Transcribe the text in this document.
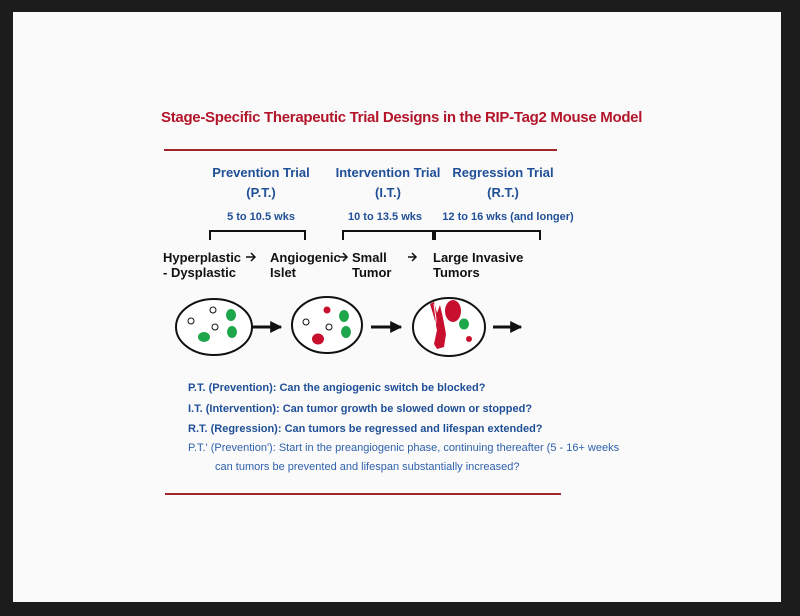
Stage-Specific Therapeutic Trial Designs in the RIP-Tag2 Mouse Model
Prevention Trial
(P.T.)
Intervention Trial
(I.T.)
Regression Trial
(R.T.)
5 to 10.5 wks	10 to 13.5 wks	12 to 16 wks (and longer)
Hyperplastic
- Dysplastic
Angiogenic
Islet
Small
Tumor
Large Invasive
Tumors
P.T. (Prevention): Can the angiogenic switch be blocked?
I.T. (Intervention): Can tumor growth be slowed down or stopped?
R.T. (Regression): Can tumors be regressed and lifespan extended?
P.T.' (Prevention'): Start in the preangiogenic phase, continuing thereafter (5 - 16+ weeks
can tumors be prevented and lifespan substantially increased?
